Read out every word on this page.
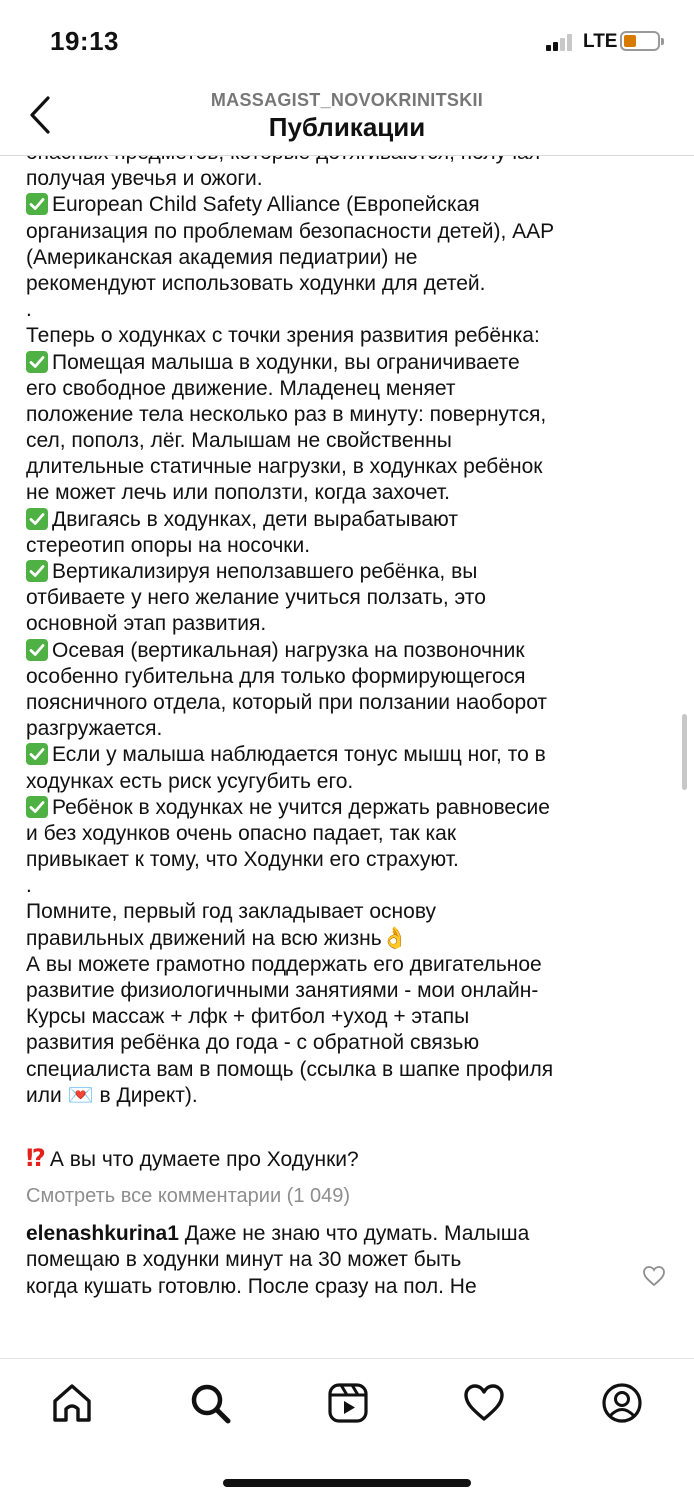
19:13	LTE
MASSAGIST_NOVOKRINITSKII
Публикации
получая увечья и ожоги.
European Child Safety Alliance (Европейская
организация по проблемам безопасности детей), AAP
(Американская академия педиатрии) не
рекомендуют использовать ходунки для детей.
.
Теперь о ходунках с точки зрения развития ребёнка:
Помещая малыша в ходунки, вы ограничиваете
его свободное движение. Младенец меняет
положение тела несколько раз в минуту: повернутся,
сел, пополз, лёг. Малышам не свойственны
длительные статичные нагрузки, в ходунках ребёнок
не может лечь или поползти, когда захочет.
Двигаясь в ходунках, дети вырабатывают
стереотип опоры на носочки.
Вертикализируя неползавшего ребёнка, вы
отбиваете у него желание учиться ползать, это
основной этап развития.
Осевая (вертикальная) нагрузка на позвоночник
особенно губительна для только формирующегося
поясничного отдела, который при ползании наоборот
разгружается.
Если у малыша наблюдается тонус мышц ног, то в
ходунках есть риск усугубить его.
Ребёнок в ходунках не учится держать равновесие
и без ходунков очень опасно падает, так как
привыкает к тому, что Ходунки его страхуют.
.
Помните, первый год закладывает основу
правильных движений на всю жизнь👌
А вы можете грамотно поддержать его двигательное
развитие физиологичными занятиями - мои онлайн-
Курсы массаж + лфк + фитбол +уход + этапы
развития ребёнка до года - с обратной связью
специалиста вам в помощь (ссылка в шапке профиля
или 💌 в Директ).
⁉ А вы что думаете про Ходунки?
Смотреть все комментарии (1 049)
elenashkurina1 Даже не знаю что думать. Малыша
помещаю в ходунки минут на 30 может быть
когда кушать готовлю. После сразу на пол. Не
